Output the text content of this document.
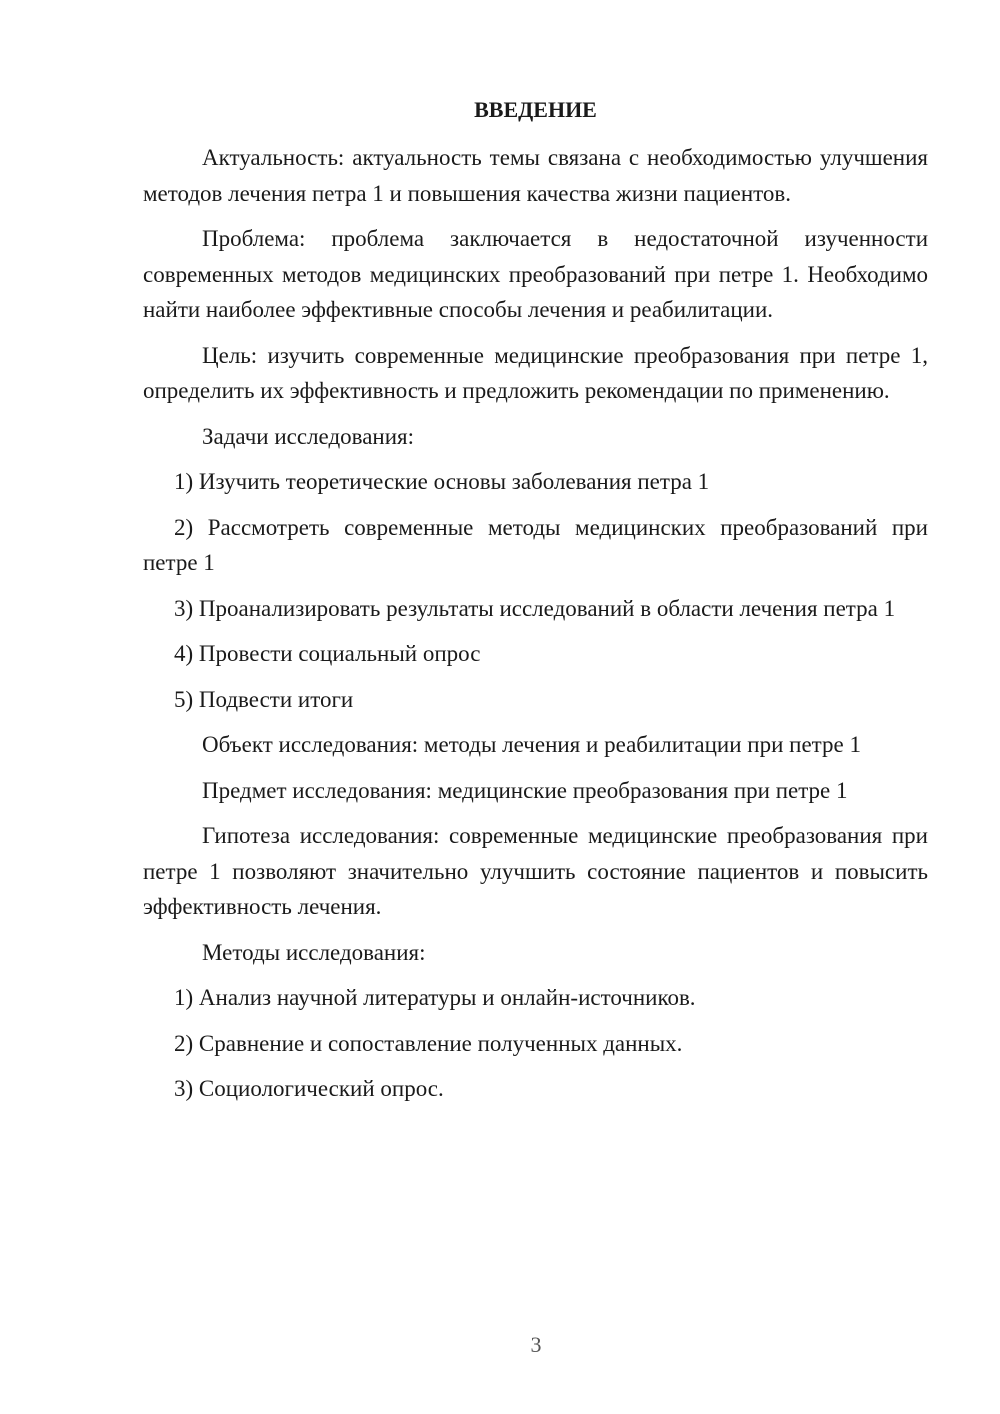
ВВЕДЕНИЕ

Актуальность: актуальность темы связана с необходимостью улучшения методов лечения петра 1 и повышения качества жизни пациентов.

Проблема: проблема заключается в недостаточной изученности современных методов медицинских преобразований при петре 1. Необходимо найти наиболее эффективные способы лечения и реабилитации.

Цель: изучить современные медицинские преобразования при петре 1, определить их эффективность и предложить рекомендации по применению.

Задачи исследования:

1) Изучить теоретические основы заболевания петра 1

2) Рассмотреть современные методы медицинских преобразований при петре 1

3) Проанализировать результаты исследований в области лечения петра 1

4) Провести социальный опрос

5) Подвести итоги

Объект исследования: методы лечения и реабилитации при петре 1

Предмет исследования: медицинские преобразования при петре 1

Гипотеза исследования: современные медицинские преобразования при петре 1 позволяют значительно улучшить состояние пациентов и повысить эффективность лечения.

Методы исследования:

1) Анализ научной литературы и онлайн-источников.

2) Сравнение и сопоставление полученных данных.

3) Социологический опрос.

3
